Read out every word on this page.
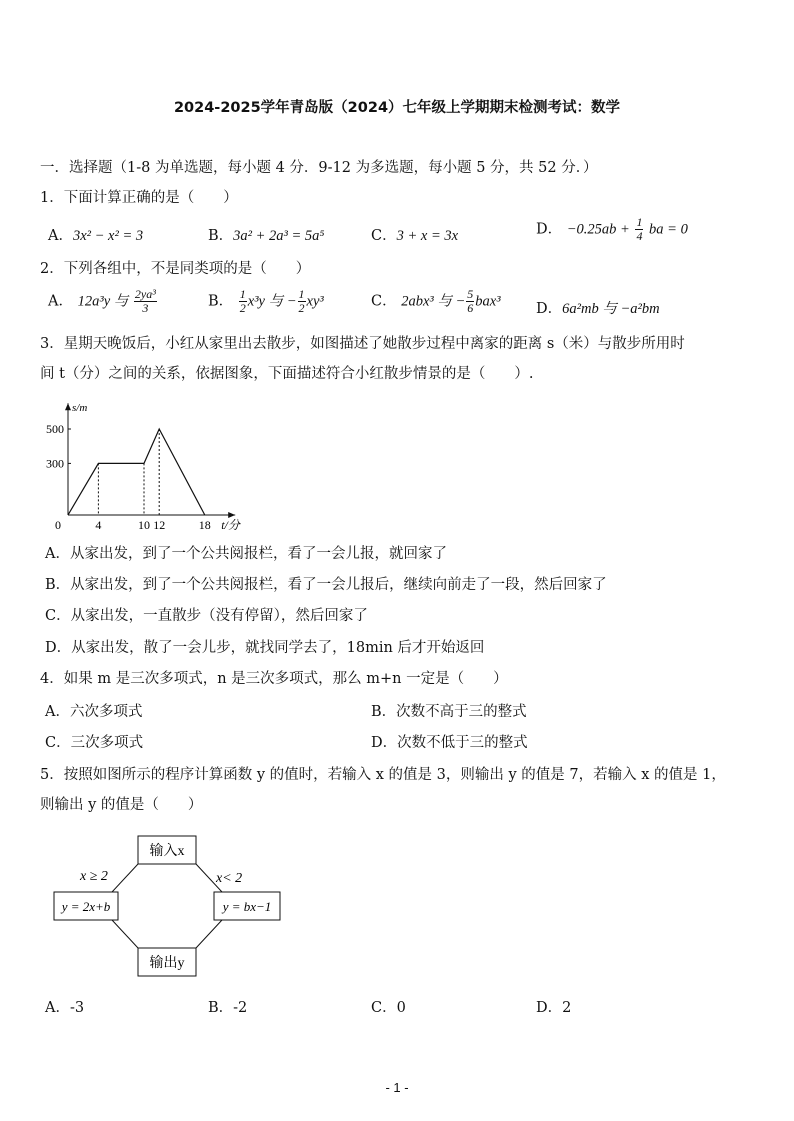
2024-2025学年青岛版（2024）七年级上学期期末检测考试：数学
一．选择题（1-8 为单选题，每小题 4 分．9-12 为多选题，每小题 5 分，共 52 分．）
1．下面计算正确的是（　　）
A．3x² − x² = 3	B．3a² + 2a³ = 5a⁵	C．3 + x = 3x	D． $-0.25ab + \frac{1}{4}$ ba = 0
2．下列各组中，不是同类项的是（　　）
A． 12a³y 与 $\frac{\text{2ya³}}{3}$	B． $\frac{1}{2} x^3y$ 与 − $\frac{1}{2} xy^3$	C． 2abx³ 与 − $\frac{5}{6} bax^3$ D．6a²mb 与 −a²bm
3．星期天晚饭后，小红从家里出去散步，如图描述了她散步过程中离家的距离 s（米）与散步所用时
间 t（分）之间的关系，依据图象，下面描述符合小红散步情景的是（　　）.
s/m
t/分
0	4	10 12	18
300
500
A．从家出发，到了一个公共阅报栏，看了一会儿报，就回家了
B．从家出发，到了一个公共阅报栏，看了一会儿报后，继续向前走了一段，然后回家了
C．从家出发，一直散步（没有停留），然后回家了
D．从家出发，散了一会儿步，就找同学去了，18min 后才开始返回
4．如果 m 是三次多项式，n 是三次多项式，那么 m+n 一定是（　　）
A．六次多项式	B．次数不高于三的整式
C．三次多项式	D．次数不低于三的整式
5．按照如图所示的程序计算函数 y 的值时，若输入 x 的值是 3，则输出 y 的值是 7，若输入 x 的值是 1，
则输出 y 的值是（　　）
输入x
x ≥ 2	x< 2
y = 2x+b	y = bx−1
输出y
A．-3	B．-2	C．0	D．2
- 1 -
